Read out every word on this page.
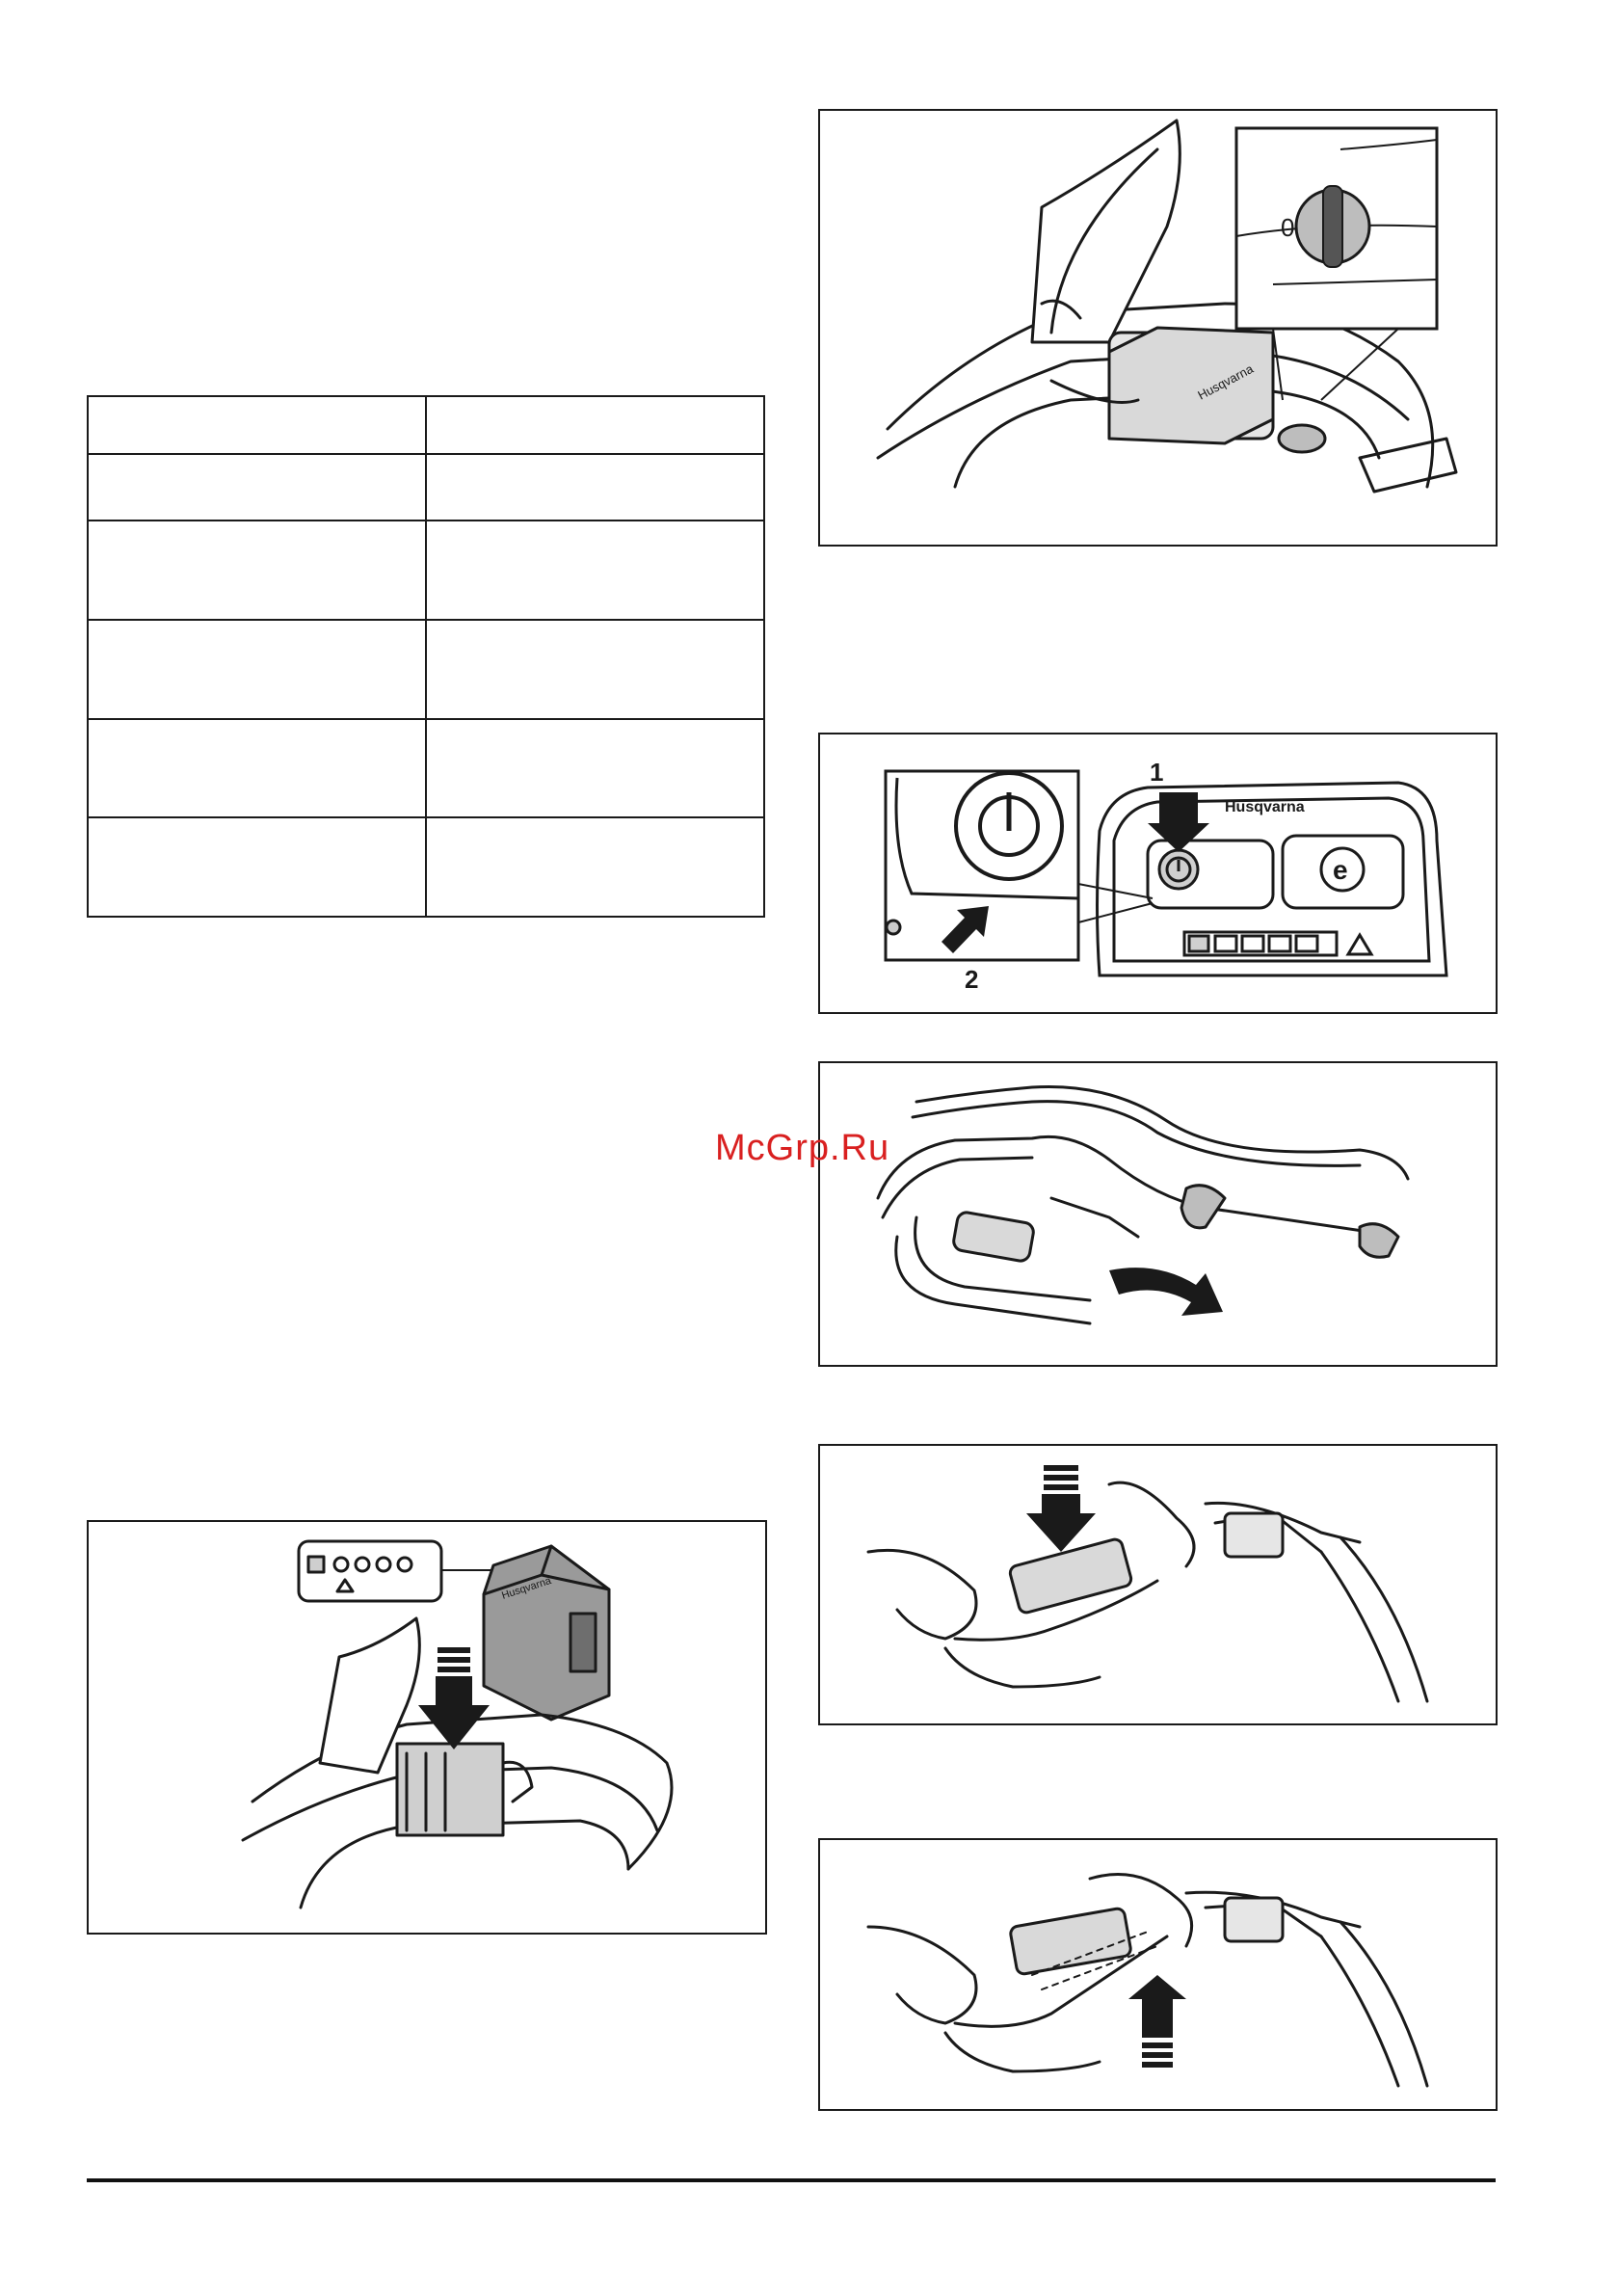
Husqvarna
0
1
2
Husqvarna
e
Husqvarna
McGrp.Ru
